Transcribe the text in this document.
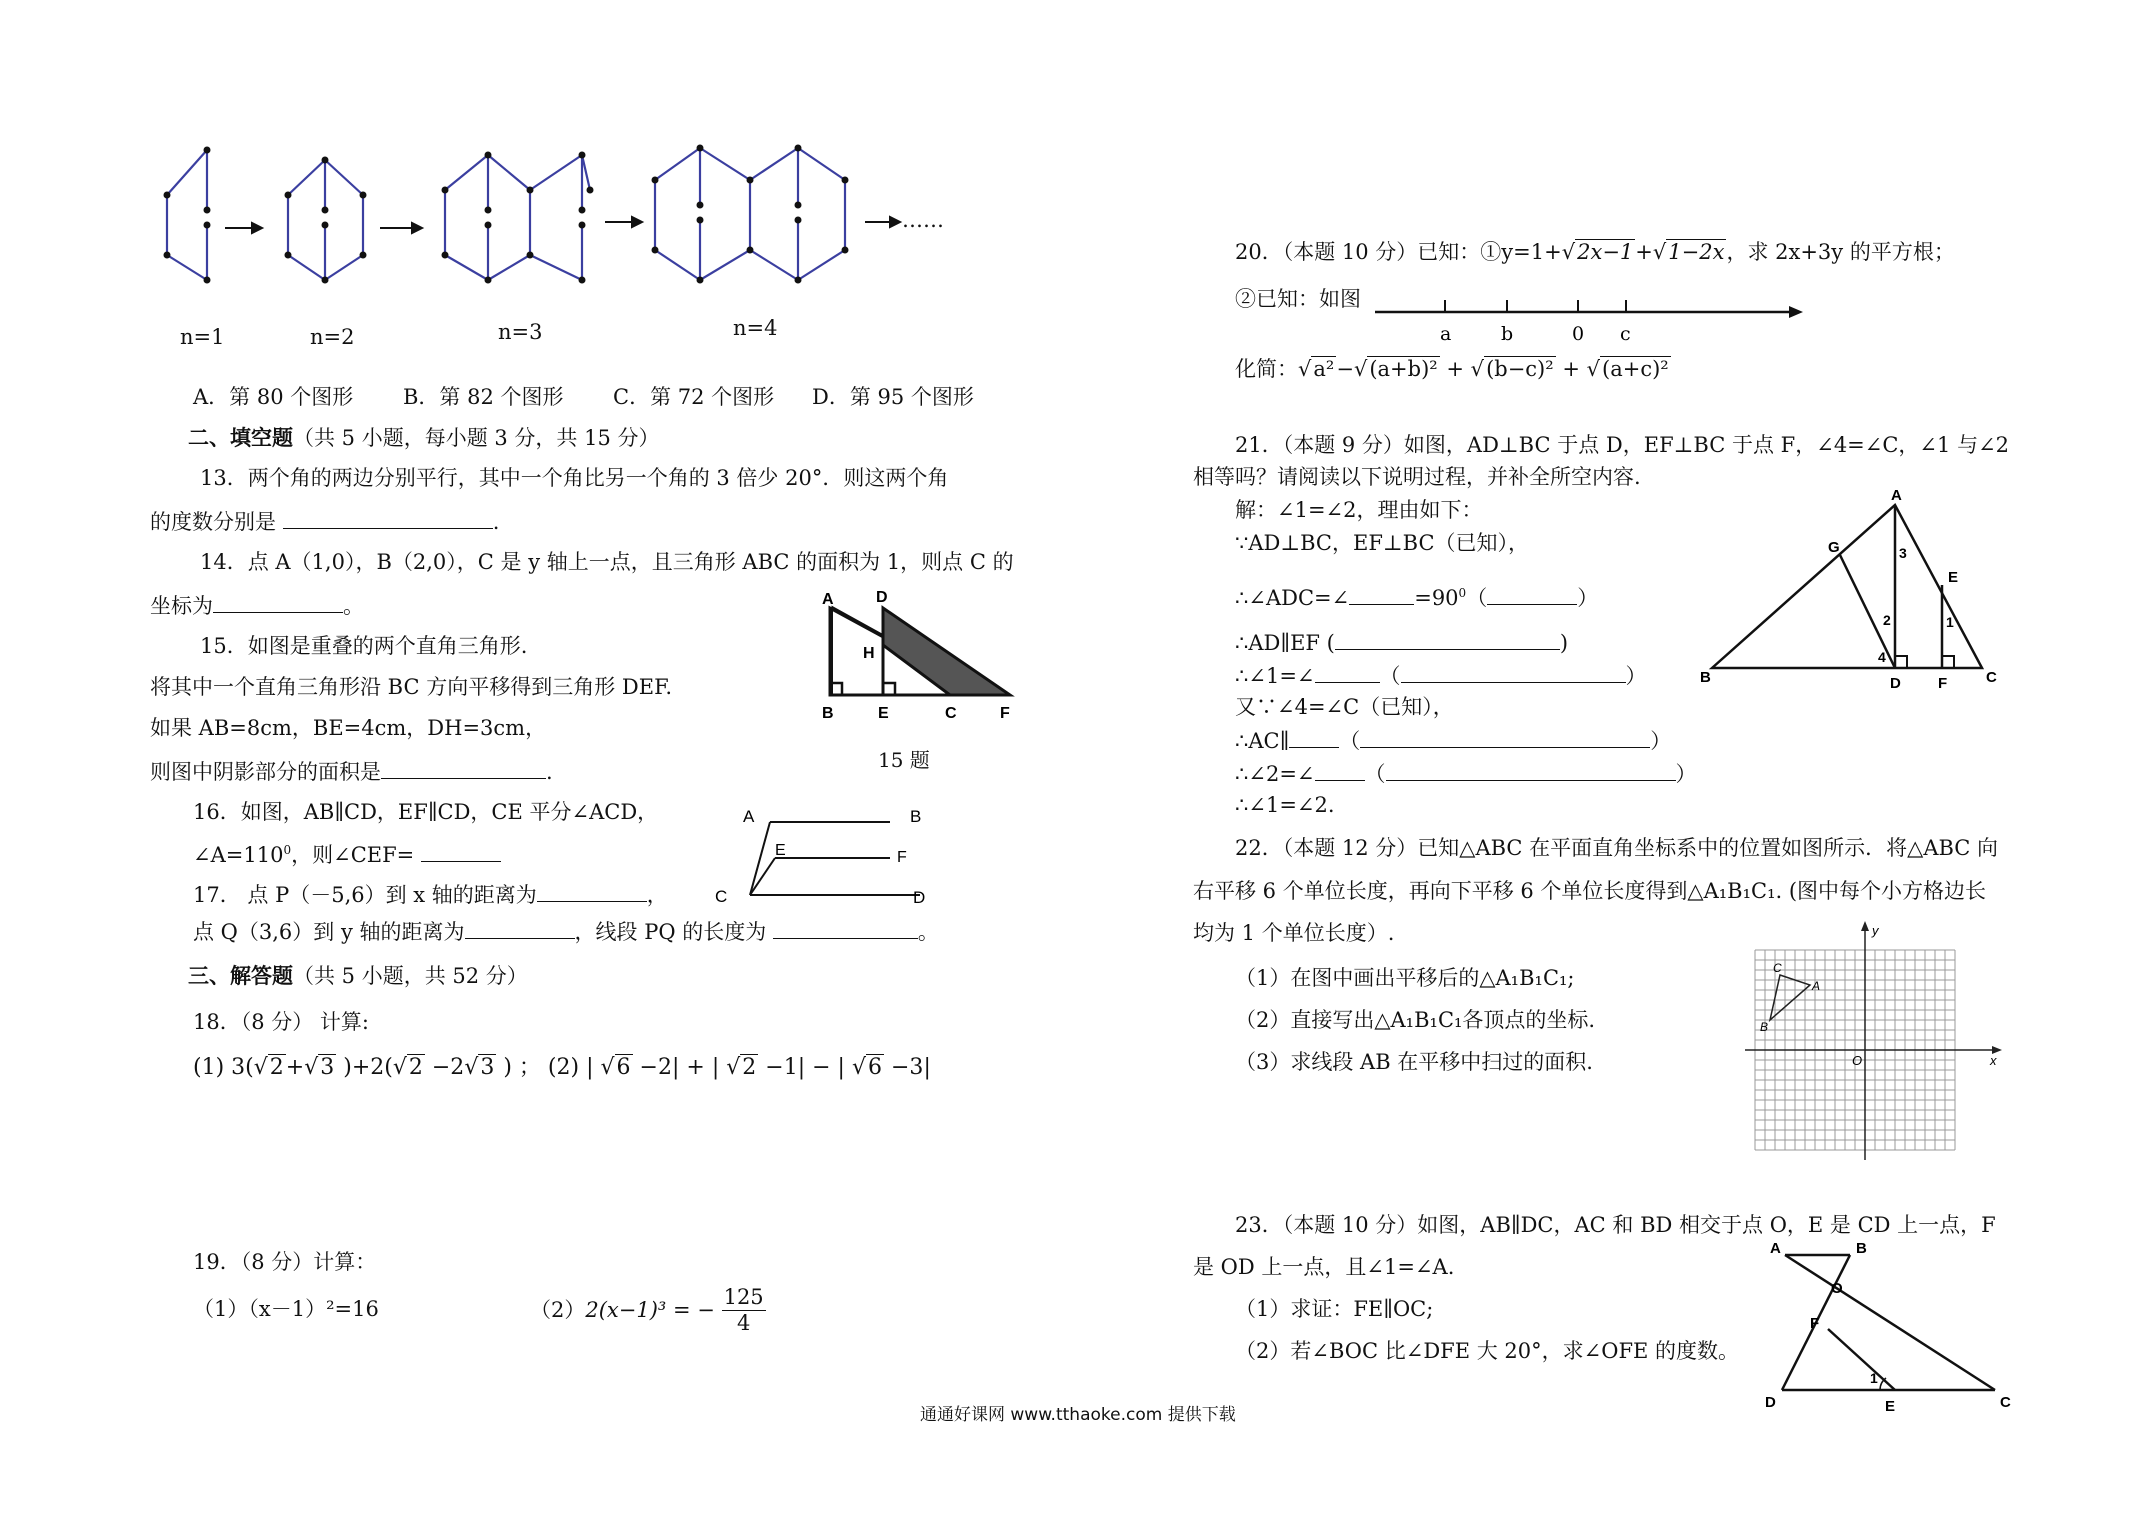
……
n=1	n=2	n=3	n=4
A．第 80 个图形 B．第 82 个图形 C．第 72 个图形 D．第 95 个图形
二、填空题（共 5 小题，每小题 3 分，共 15 分）
13．两个角的两边分别平行，其中一个角比另一个角的 3 倍少 20°．则这两个角
的度数分别是	.
14．点 A（1,0），B（2,0），C 是 y 轴上一点，且三角形 ABC 的面积为 1，则点 C 的
坐标为	。
15．如图是重叠的两个直角三角形.
将其中一个直角三角形沿 BC 方向平移得到三角形 DEF.
如果 AB=8cm，BE=4cm，DH=3cm，
则图中阴影部分的面积是	.
A	D
H
B	E	C	F
15 题
16．如图，AB∥CD，EF∥CD，CE 平分∠ACD，
$\angle A=110^0$，则∠CEF=
A	B
E	F
C	D
17． 点 P（－5,6）到 x 轴的距离为	，
点 Q（3,6）到 y 轴的距离为	，线段 PQ 的长度为	。
三、解答题（共 5 小题，共 52 分）
18．（8 分） 计算:
(1) 3(√2+√3 )+2(√2 −2√3 ) ； (2) | √6 −2| + | √2 −1| − | √6 −3|
19．（8 分）计算：
（1）（x－1）²=16	（2）2(x−1)³ = − $\frac{125}{4}$
20．（本题 10 分）已知：①y=1+√2x−1+√1−2x，求 2x+3y 的平方根；
②已知：如图
a	b	0 c
化简：√a²−√(a+b)² + √(b−c)² + √(a+c)²
21．（本题 9 分）如图，AD⊥BC 于点 D，EF⊥BC 于点 F，∠4=∠C，∠1 与∠2
相等吗？请阅读以下说明过程，并补全所空内容.
解：∠1=∠2，理由如下：
∵AD⊥BC，EF⊥BC（已知），
∴∠ADC=∠	$=90^0$（	）
∴AD∥EF (	)
∴∠1=∠	（	）
又∵∠4=∠C（已知），
∴AC∥ （	）
∴∠2=∠ （	）
∴∠1=∠2.
A
G
E
B	D F	C
1
2
3
4
22．（本题 12 分）已知△ABC 在平面直角坐标系中的位置如图所示．将△ABC 向
右平移 6 个单位长度，再向下平移 6 个单位长度得到△A₁B₁C₁. (图中每个小方格边长
均为 1 个单位长度）.
（1）在图中画出平移后的△A₁B₁C₁;
（2）直接写出△A₁B₁C₁各顶点的坐标.
（3）求线段 AB 在平移中扫过的面积.
y
x
O
A
B
C
23．（本题 10 分）如图，AB∥DC，AC 和 BD 相交于点 O，E 是 CD 上一点，F
是 OD 上一点，且∠1=∠A.
（1）求证：FE∥OC;
（2）若∠BOC 比∠DFE 大 20°，求∠OFE 的度数。
A	B
O
F
D	E	C
1
通通好课网 www.tthaoke.com 提供下载
